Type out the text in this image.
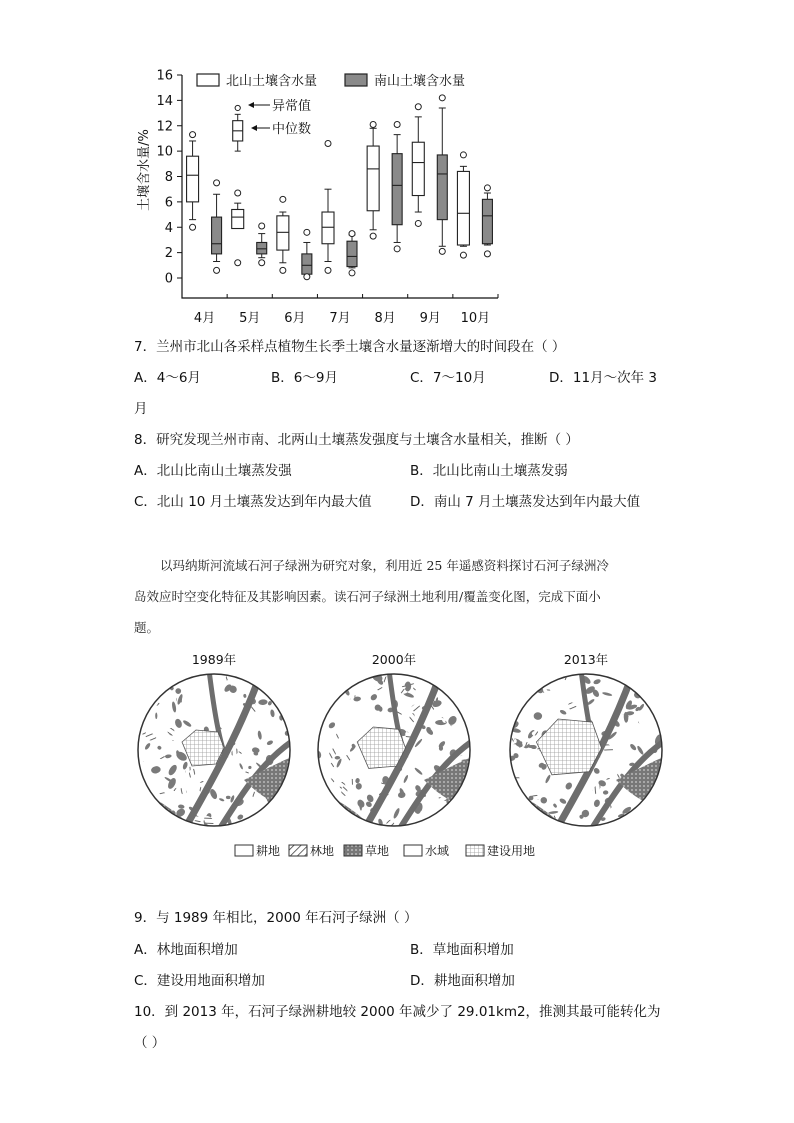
0
2
4
6
8
10
12
14
16
4月 5月 6月 7月 8月 9月 10月
土壤含水量/%
北山土壤含水量	南山土壤含水量
异常值
中位数
7．兰州市北山各采样点植物生长季土壤含水量逐渐增大的时间段在（ ）
A．4～6月	B．6～9月	C．7～10月	D．11月～次年 3
月
8．研究发现兰州市南、北两山土壤蒸发强度与土壤含水量相关，推断（ ）
A．北山比南山土壤蒸发强	B．北山比南山土壤蒸发弱
C．北山 10 月土壤蒸发达到年内最大值	D．南山 7 月土壤蒸发达到年内最大值
以玛纳斯河流域石河子绿洲为研究对象，利用近 25 年遥感资料探讨石河子绿洲冷
岛效应时空变化特征及其影响因素。读石河子绿洲土地利用/覆盖变化图，完成下面小
题。
1989年	2000年	2013年
耕地 林地	草地	水域	建设用地
9．与 1989 年相比，2000 年石河子绿洲（ ）
A．林地面积增加	B．草地面积增加
C．建设用地面积增加	D．耕地面积增加
10．到 2013 年，石河子绿洲耕地较 2000 年减少了 29.01km2，推测其最可能转化为
（ ）
